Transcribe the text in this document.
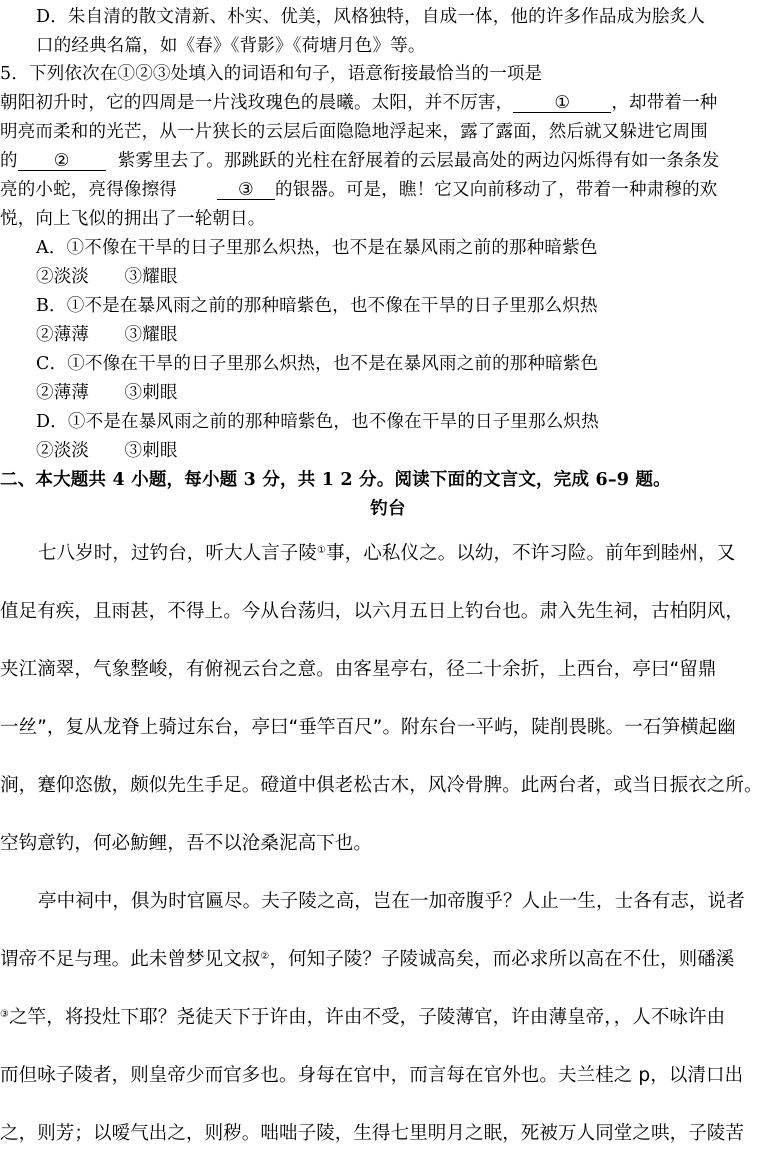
D．朱自清的散文清新、朴实、优美，风格独特，自成一体，他的许多作品成为脍炙人
口的经典名篇，如《春》《背影》《荷塘月色》等。
5．下列依次在①②③处填入的词语和句子，语意衔接最恰当的一项是
朝阳初升时，它的四周是一片浅玫瑰色的晨曦。太阳，并不厉害， ① ，却带着一种
明亮而柔和的光芒，从一片狭长的云层后面隐隐地浮起来，露了露面，然后就又躲进它周围
的 ②	紫雾里去了。那跳跃的光柱在舒展着的云层最高处的两边闪烁得有如一条条发
亮的小蛇，亮得像擦得	③ 的银器。可是，瞧！它又向前移动了，带着一种肃穆的欢
悦，向上飞似的拥出了一轮朝日。
A．①不像在干旱的日子里那么炽热，也不是在暴风雨之前的那种暗紫色
②淡淡　　③耀眼
B．①不是在暴风雨之前的那种暗紫色，也不像在干旱的日子里那么炽热
②薄薄　　③耀眼
C．①不像在干旱的日子里那么炽热，也不是在暴风雨之前的那种暗紫色
②薄薄　　③刺眼
D．①不是在暴风雨之前的那种暗紫色，也不像在干旱的日子里那么炽热
②淡淡　　③刺眼
二、本大题共 4 小题，每小题 3 分，共 1 2 分。阅读下面的文言文，完成 6–9 题。
钓台
七八岁时，过钓台，听大人言子陵①事，心私仪之。以幼，不许习险。前年到睦州，又
值足有疾，且雨甚，不得上。今从台荡归，以六月五日上钓台也。肃入先生祠，古柏阴风，
夹江滴翠，气象整峻，有俯视云台之意。由客星亭右，径二十余折，上西台，亭曰“留鼎
一丝”，复从龙脊上骑过东台，亭曰“垂竿百尺”。附东台一平屿，陡削畏眺。一石笋横起幽
涧，蹇仰恣傲，颇似先生手足。磴道中俱老松古木，风冷骨脾。此两台者，或当日振衣之所。
空钩意钓，何必魴鲤，吾不以沧桑泥高下也。
亭中祠中，俱为时官匾尽。夫子陵之高，岂在一加帝腹乎？人止一生，士各有志，说者
谓帝不足与理。此未曾梦见文叔②，何知子陵？子陵诚高矣，而必求所以高在不仕，则磻溪
③之竿，将投灶下耶？尧徒天下于许由，许由不受，子陵薄官，许由薄皇帝，，人不咏许由
而但咏子陵者，则皇帝少而官多也。身每在官中，而言每在官外也。夫兰桂之 p，以清口出
之，则芳；以嗳气出之，则秽。咄咄子陵，生得七里明月之眠，死被万人同堂之哄，子陵苦
